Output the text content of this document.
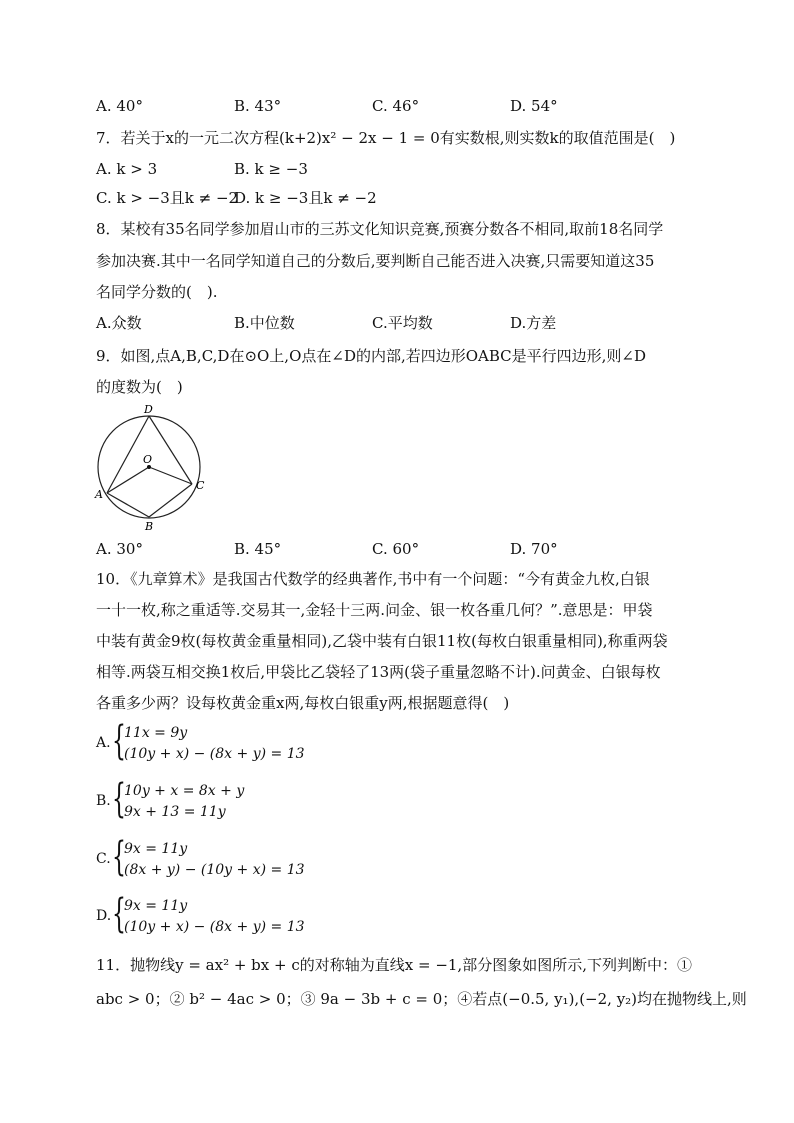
A. 40°	B. 43°	C. 46°	D. 54°
7．若关于x的一元二次方程(k+2)x² − 2x − 1 = 0有实数根,则实数k的取值范围是(　)
A. k > 3	B. k ≥ −3
C. k > −3且k ≠ −2
D. k ≥ −3且k ≠ −2
8．某校有35名同学参加眉山市的三苏文化知识竞赛,预赛分数各不相同,取前18名同学
参加决赛.其中一名同学知道自己的分数后,要判断自己能否进入决赛,只需要知道这35
名同学分数的(　).
A.众数	B.中位数	C.平均数	D.方差
9．如图,点A,B,C,D在⊙O上,O点在∠D的内部,若四边形OABC是平行四边形,则∠D
的度数为(　)
D
O
A
C
B
A. 30°	B. 45°	C. 60°	D. 70°
10．《九章算术》是我国古代数学的经典著作,书中有一个问题：“今有黄金九枚,白银
一十一枚,称之重适等.交易其一,金轻十三两.问金、银一枚各重几何？”.意思是：甲袋
中装有黄金9枚(每枚黄金重量相同),乙袋中装有白银11枚(每枚白银重量相同),称重两袋
相等.两袋互相交换1枚后,甲袋比乙袋轻了13两(袋子重量忽略不计).问黄金、白银每枚
各重多少两？设每枚黄金重x两,每枚白银重y两,根据题意得(　)
A. {
11x = 9y
(10y + x) − (8x + y) = 13
B. {
10y + x = 8x + y
9x + 13 = 11y
C. {
9x = 11y
(8x + y) − (10y + x) = 13
D. {
9x = 11y
(10y + x) − (8x + y) = 13
11．抛物线y = ax² + bx + c的对称轴为直线x = −1,部分图象如图所示,下列判断中：①
abc > 0；② b² − 4ac > 0；③ 9a − 3b + c = 0；④若点(−0.5, y₁),(−2, y₂)均在抛物线上,则
